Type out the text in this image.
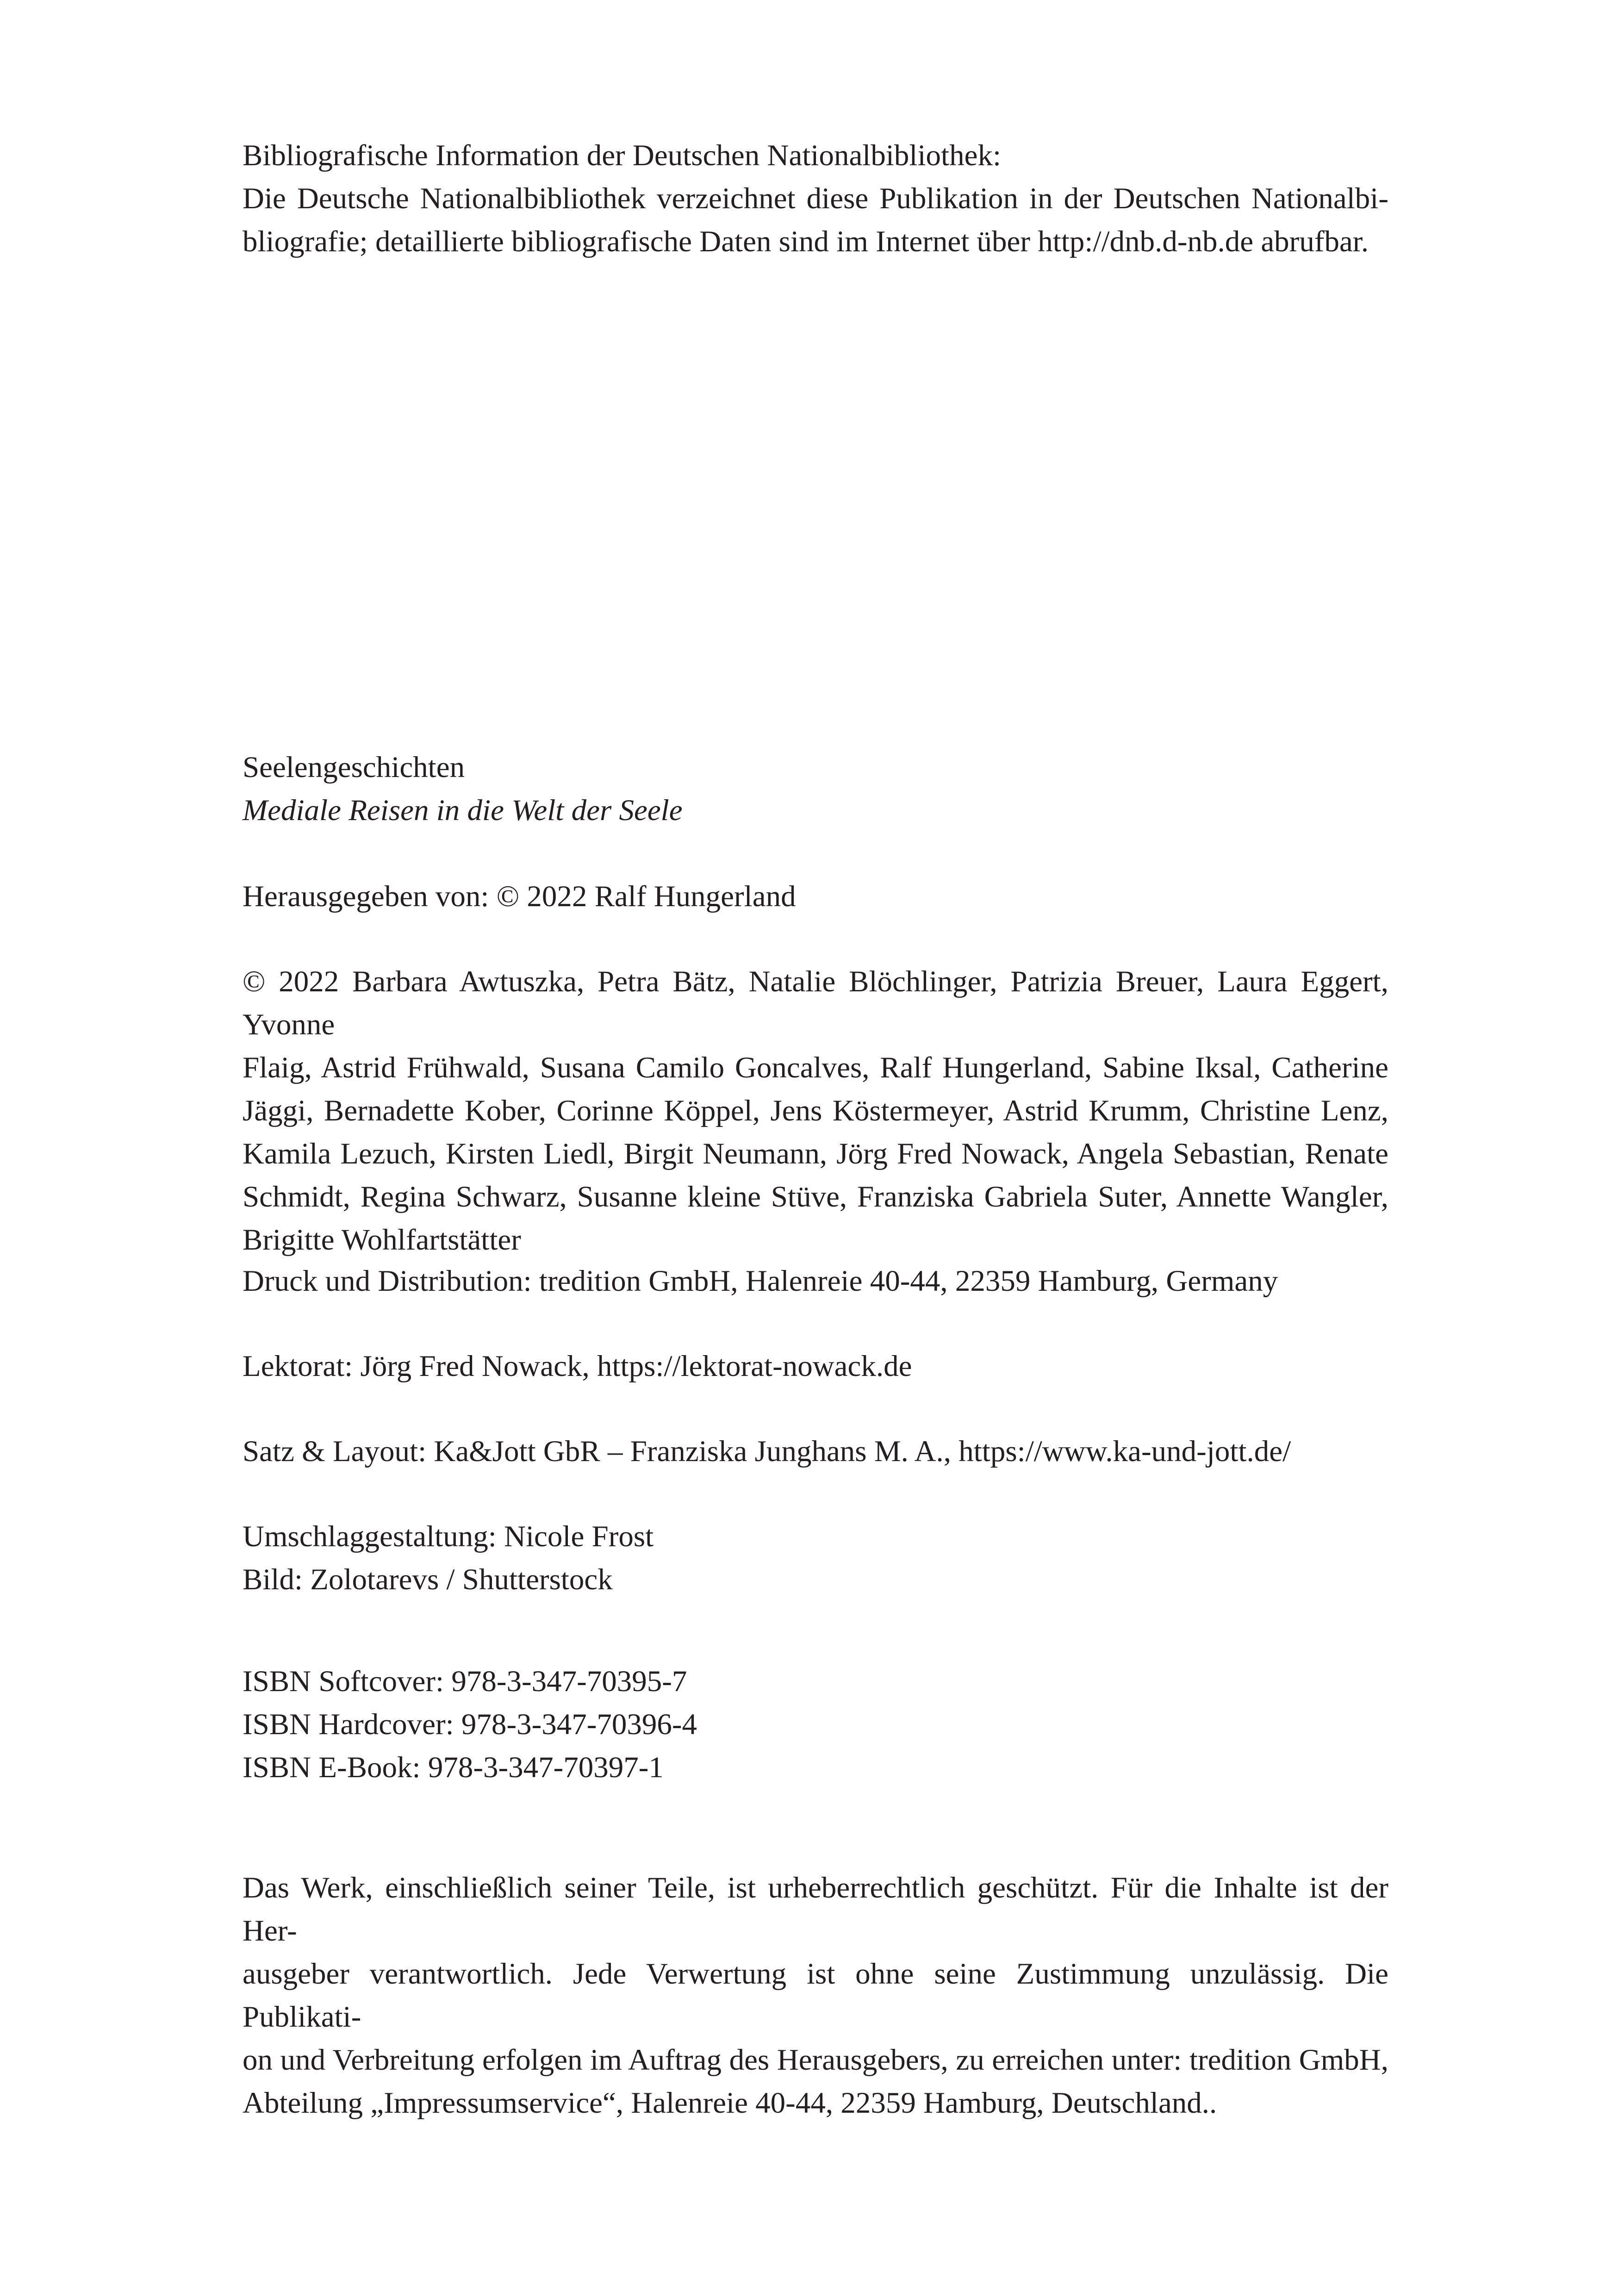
Bibliografische Information der Deutschen Nationalbibliothek:
Die Deutsche Nationalbibliothek verzeichnet diese Publikation in der Deutschen Nationalbi-
bliografie; detaillierte bibliografische Daten sind im Internet über http://dnb.d-nb.de abrufbar.
Seelengeschichten
Mediale Reisen in die Welt der Seele
Herausgegeben von: © 2022 Ralf Hungerland
© 2022 Barbara Awtuszka, Petra Bätz, Natalie Blöchlinger, Patrizia Breuer, Laura Eggert, Yvonne
Flaig, Astrid Frühwald, Susana Camilo Goncalves, Ralf Hungerland, Sabine Iksal, Catherine
Jäggi, Bernadette Kober, Corinne Köppel, Jens Köstermeyer, Astrid Krumm, Christine Lenz,
Kamila Lezuch, Kirsten Liedl, Birgit Neumann, Jörg Fred Nowack, Angela Sebastian, Renate
Schmidt, Regina Schwarz, Susanne kleine Stüve, Franziska Gabriela Suter, Annette Wangler,
Brigitte Wohlfartstätter
Druck und Distribution: tredition GmbH, Halenreie 40-44, 22359 Hamburg, Germany
Lektorat: Jörg Fred Nowack, https://lektorat-nowack.de
Satz & Layout: Ka&Jott GbR – Franziska Junghans M. A., https://www.ka-und-jott.de/
Umschlaggestaltung: Nicole Frost
Bild: Zolotarevs / Shutterstock
ISBN Softcover: 978-3-347-70395-7
ISBN Hardcover: 978-3-347-70396-4
ISBN E-Book: 978-3-347-70397-1
Das Werk, einschließlich seiner Teile, ist urheberrechtlich geschützt. Für die Inhalte ist der Her-
ausgeber verantwortlich. Jede Verwertung ist ohne seine Zustimmung unzulässig. Die Publikati-
on und Verbreitung erfolgen im Auftrag des Herausgebers, zu erreichen unter: tredition GmbH,
Abteilung „Impressumservice“, Halenreie 40-44, 22359 Hamburg, Deutschland..
